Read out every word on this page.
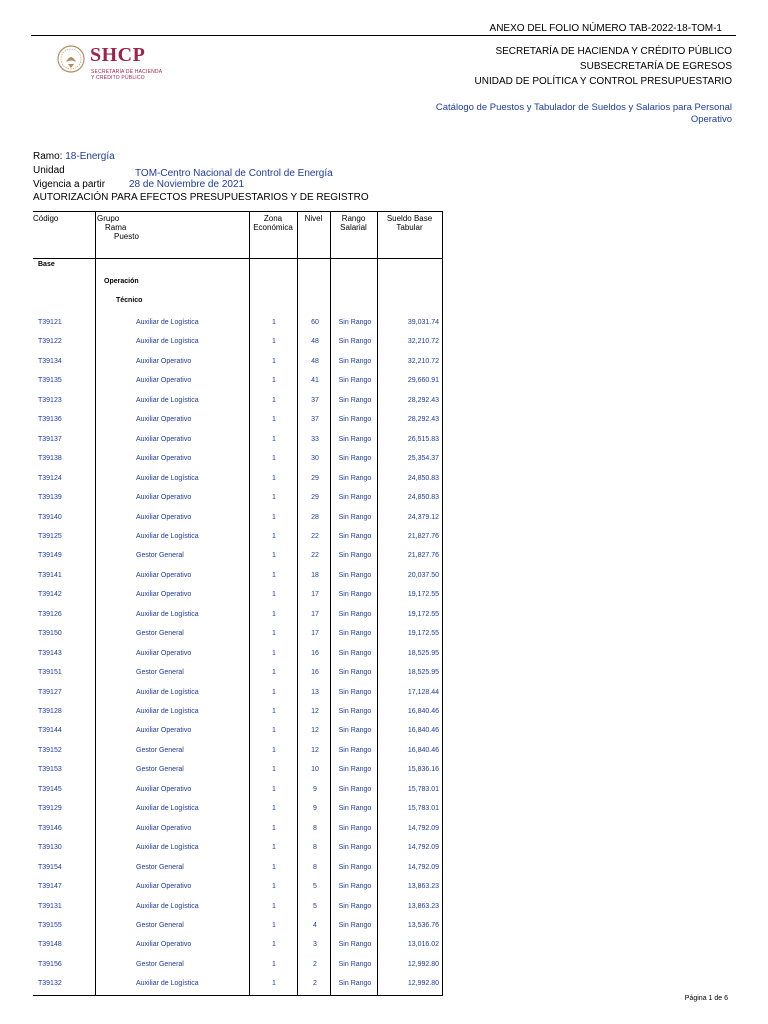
ANEXO DEL FOLIO NÚMERO TAB-2022-18-TOM-1
SHCP
SECRETARÍA DE HACIENDA
Y CRÉDITO PÚBLICO
SECRETARÍA DE HACIENDA Y CRÉDITO PÚBLICO
SUBSECRETARÍA DE EGRESOS
UNIDAD DE POLÍTICA Y CONTROL PRESUPUESTARIO
Catálogo de Puestos y Tabulador de Sueldos y Salarios para Personal Operativo
Ramo: 18-Energía
Unidad	TOM-Centro Nacional de Control de Energía
Vigencia a partir 28 de Noviembre de 2021
AUTORIZACIÓN PARA EFECTOS PRESUPUESTARIOS Y DE REGISTRO
Código	Grupo
Rama
Puesto
Zona
Económica
Nivel	Rango
Salarial
Sueldo Base
Tabular
Base
Operación
Técnico
T39121	Auxiliar de Logística	1	60	Sin Rango	39,031.74
T39122	Auxiliar de Logística	1	48	Sin Rango	32,210.72
T39134	Auxiliar Operativo	1	48	Sin Rango	32,210.72
T39135	Auxiliar Operativo	1	41	Sin Rango	29,660.91
T39123	Auxiliar de Logística	1	37	Sin Rango	28,292.43
T39136	Auxiliar Operativo	1	37	Sin Rango	28,292.43
T39137	Auxiliar Operativo	1	33	Sin Rango	26,515.83
T39138	Auxiliar Operativo	1	30	Sin Rango	25,354.37
T39124	Auxiliar de Logística	1	29	Sin Rango	24,850.83
T39139	Auxiliar Operativo	1	29	Sin Rango	24,850.83
T39140	Auxiliar Operativo	1	28	Sin Rango	24,379.12
T39125	Auxiliar de Logística	1	22	Sin Rango	21,827.76
T39149	Gestor General	1	22	Sin Rango	21,827.76
T39141	Auxiliar Operativo	1	18	Sin Rango	20,037.50
T39142	Auxiliar Operativo	1	17	Sin Rango	19,172.55
T39126	Auxiliar de Logística	1	17	Sin Rango	19,172.55
T39150	Gestor General	1	17	Sin Rango	19,172.55
T39143	Auxiliar Operativo	1	16	Sin Rango	18,525.95
T39151	Gestor General	1	16	Sin Rango	18,525.95
T39127	Auxiliar de Logística	1	13	Sin Rango	17,128.44
T39128	Auxiliar de Logística	1	12	Sin Rango	16,840.46
T39144	Auxiliar Operativo	1	12	Sin Rango	16,840.46
T39152	Gestor General	1	12	Sin Rango	16,840.46
T39153	Gestor General	1	10	Sin Rango	15,836.16
T39145	Auxiliar Operativo	1	9	Sin Rango	15,783.01
T39129	Auxiliar de Logística	1	9	Sin Rango	15,783.01
T39146	Auxiliar Operativo	1	8	Sin Rango	14,792.09
T39130	Auxiliar de Logística	1	8	Sin Rango	14,792.09
T39154	Gestor General	1	8	Sin Rango	14,792.09
T39147	Auxiliar Operativo	1	5	Sin Rango	13,863.23
T39131	Auxiliar de Logística	1	5	Sin Rango	13,863.23
T39155	Gestor General	1	4	Sin Rango	13,536.76
T39148	Auxiliar Operativo	1	3	Sin Rango	13,016.02
T39156	Gestor General	1	2	Sin Rango	12,992.80
T39132	Auxiliar de Logística	1	2	Sin Rango	12,992.80
Página 1 de 6
